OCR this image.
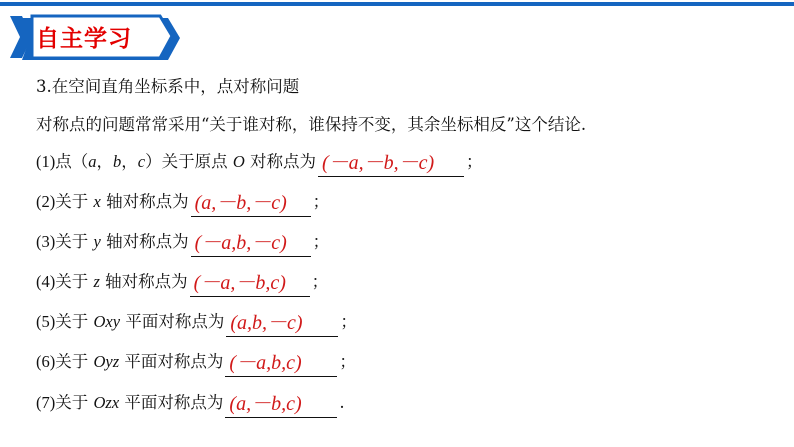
自主学习
3.在空间直角坐标系中，点对称问题
对称点的问题常常采用“关于谁对称，谁保持不变，其余坐标相反”这个结论.
(1)点（a，b，c）关于原点 O 对称点为 (－a,－b,－c) ；
(2)关于 x 轴对称点为 (a,－b,－c) ；
(3)关于 y 轴对称点为 (－a,b,－c) ；
(4)关于 z 轴对称点为 (－a,－b,c) ；
(5)关于 Oxy 平面对称点为 (a,b,－c) ；
(6)关于 Oyz 平面对称点为 (－a,b,c) ；
(7)关于 Ozx 平面对称点为 (a,－b,c) .
